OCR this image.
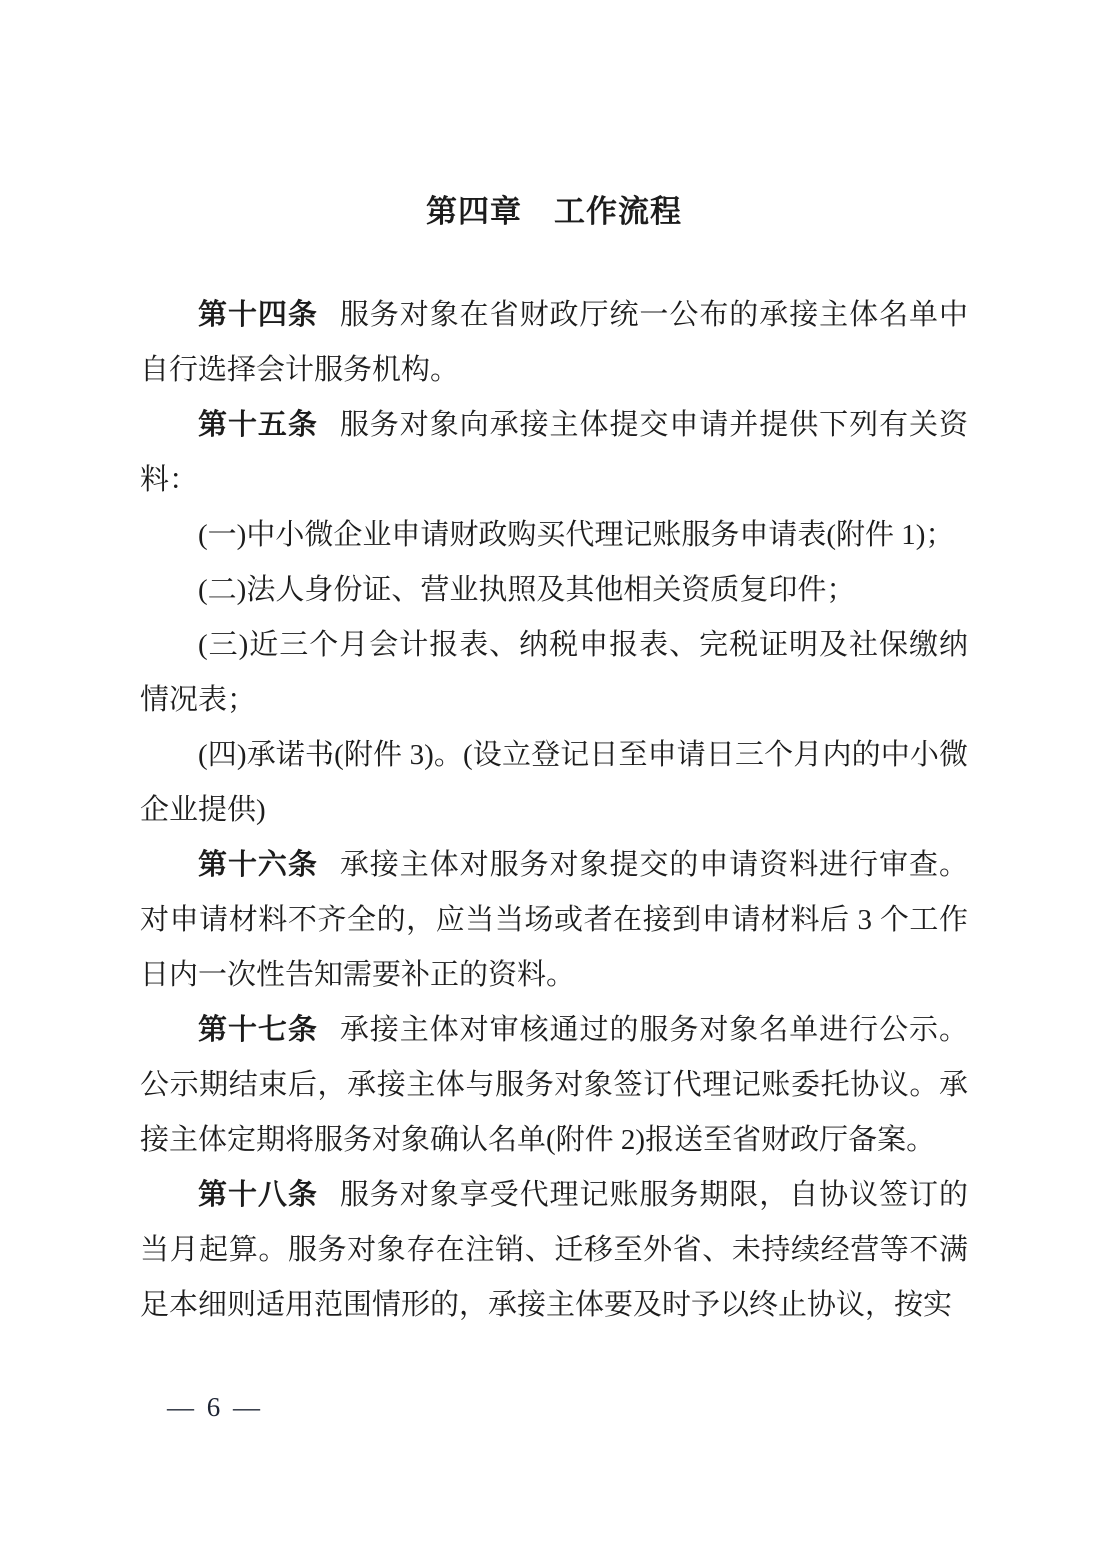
第四章　工作流程

第十四条 服务对象在省财政厅统一公布的承接主体名单中自行选择会计服务机构。

第十五条 服务对象向承接主体提交申请并提供下列有关资料：

(一)中小微企业申请财政购买代理记账服务申请表(附件 1)；

(二)法人身份证、营业执照及其他相关资质复印件；

(三)近三个月会计报表、纳税申报表、完税证明及社保缴纳情况表；

(四)承诺书(附件 3)。(设立登记日至申请日三个月内的中小微企业提供)

第十六条 承接主体对服务对象提交的申请资料进行审查。对申请材料不齐全的，应当当场或者在接到申请材料后 3 个工作日内一次性告知需要补正的资料。

第十七条 承接主体对审核通过的服务对象名单进行公示。公示期结束后，承接主体与服务对象签订代理记账委托协议。承接主体定期将服务对象确认名单(附件 2)报送至省财政厅备案。

第十八条 服务对象享受代理记账服务期限，自协议签订的当月起算。服务对象存在注销、迁移至外省、未持续经营等不满足本细则适用范围情形的，承接主体要及时予以终止协议，按实

— 6 —
